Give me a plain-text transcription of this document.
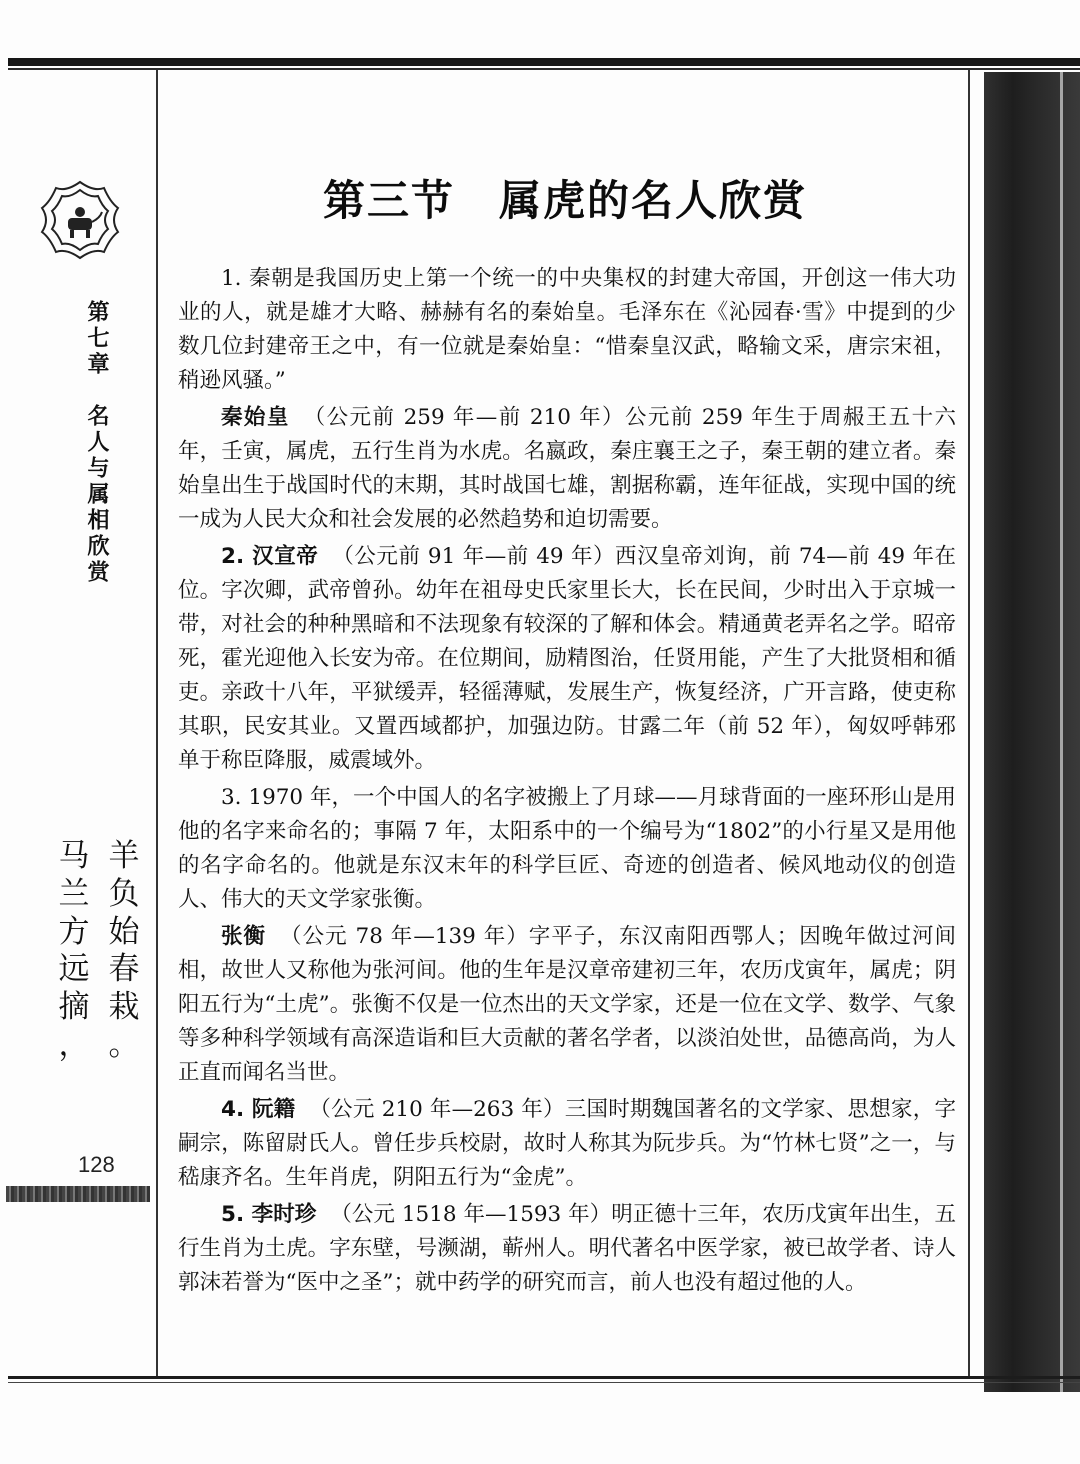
第七章　名人与属相欣赏
羊
负
始
春
栽
。
马
兰
方
远
摘
，
128
第三节　属虎的名人欣赏

1. 秦朝是我国历史上第一个统一的中央集权的封建大帝国，开创这一伟大功业的人，就是雄才大略、赫赫有名的秦始皇。毛泽东在《沁园春·雪》中提到的少数几位封建帝王之中，有一位就是秦始皇：“惜秦皇汉武，略输文采，唐宗宋祖，稍逊风骚。”

秦始皇 （公元前 259 年—前 210 年）公元前 259 年生于周赧王五十六年，壬寅，属虎，五行生肖为水虎。名嬴政，秦庄襄王之子，秦王朝的建立者。秦始皇出生于战国时代的末期，其时战国七雄，割据称霸，连年征战，实现中国的统一成为人民大众和社会发展的必然趋势和迫切需要。

2. 汉宣帝 （公元前 91 年—前 49 年）西汉皇帝刘询，前 74—前 49 年在位。字次卿，武帝曾孙。幼年在祖母史氏家里长大，长在民间，少时出入于京城一带，对社会的种种黑暗和不法现象有较深的了解和体会。精通黄老弄名之学。昭帝死，霍光迎他入长安为帝。在位期间，励精图治，任贤用能，产生了大批贤相和循吏。亲政十八年，平狱缓弄，轻徭薄赋，发展生产，恢复经济，广开言路，使吏称其职，民安其业。又置西域都护，加强边防。甘露二年（前 52 年），匈奴呼韩邪单于称臣降服，威震域外。

3. 1970 年，一个中国人的名字被搬上了月球——月球背面的一座环形山是用他的名字来命名的；事隔 7 年，太阳系中的一个编号为“1802”的小行星又是用他的名字命名的。他就是东汉末年的科学巨匠、奇迹的创造者、候风地动仪的创造人、伟大的天文学家张衡。

张衡 （公元 78 年—139 年）字平子，东汉南阳西鄂人；因晚年做过河间相，故世人又称他为张河间。他的生年是汉章帝建初三年，农历戊寅年，属虎；阴阳五行为“土虎”。张衡不仅是一位杰出的天文学家，还是一位在文学、数学、气象等多种科学领域有高深造诣和巨大贡献的著名学者，以淡泊处世，品德高尚，为人正直而闻名当世。

4. 阮籍 （公元 210 年—263 年）三国时期魏国著名的文学家、思想家，字嗣宗，陈留尉氏人。曾任步兵校尉，故时人称其为阮步兵。为“竹林七贤”之一，与嵇康齐名。生年肖虎，阴阳五行为“金虎”。

5. 李时珍 （公元 1518 年—1593 年）明正德十三年，农历戊寅年出生，五行生肖为土虎。字东壁，号濒湖，蕲州人。明代著名中医学家，被已故学者、诗人郭沫若誉为“医中之圣”；就中药学的研究而言，前人也没有超过他的人。
